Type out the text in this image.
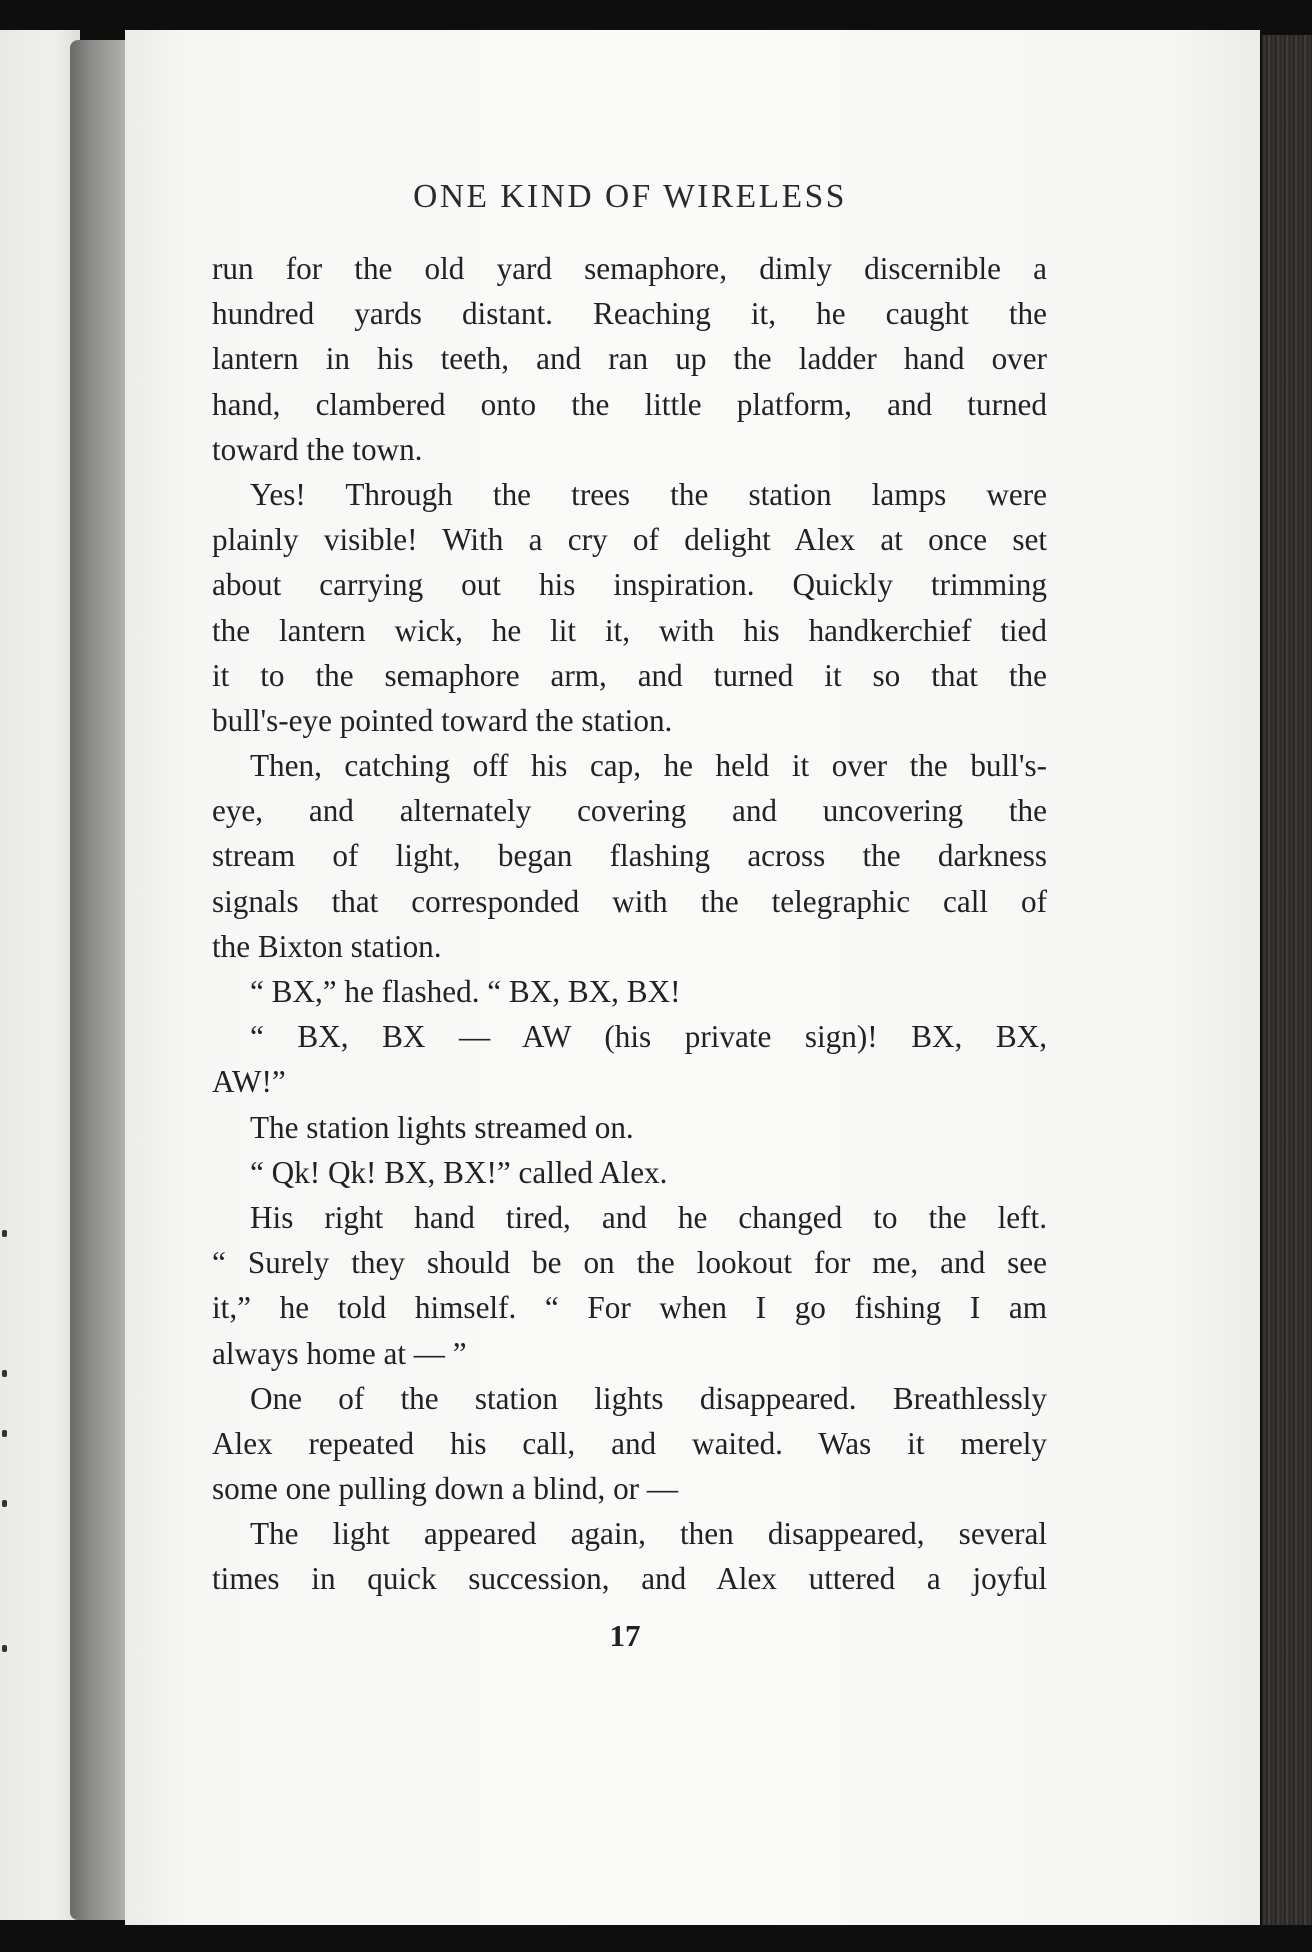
ONE KIND OF WIRELESS
run for the old yard semaphore, dimly discernible a
hundred yards distant. Reaching it, he caught the
lantern in his teeth, and ran up the ladder hand over
hand, clambered onto the little platform, and turned
toward the town.
Yes! Through the trees the station lamps were
plainly visible! With a cry of delight Alex at once set
about carrying out his inspiration. Quickly trimming
the lantern wick, he lit it, with his handkerchief tied
it to the semaphore arm, and turned it so that the
bull's-eye pointed toward the station.
Then, catching off his cap, he held it over the bull's-
eye, and alternately covering and uncovering the
stream of light, began flashing across the darkness
signals that corresponded with the telegraphic call of
the Bixton station.
“ BX,” he flashed. “ BX, BX, BX!
“ BX, BX — AW (his private sign)! BX, BX,
AW!”
The station lights streamed on.
“ Qk! Qk! BX, BX!” called Alex.
His right hand tired, and he changed to the left.
“ Surely they should be on the lookout for me, and see
it,” he told himself. “ For when I go fishing I am
always home at — ”
One of the station lights disappeared. Breathlessly
Alex repeated his call, and waited. Was it merely
some one pulling down a blind, or —
The light appeared again, then disappeared, several
times in quick succession, and Alex uttered a joyful
17
